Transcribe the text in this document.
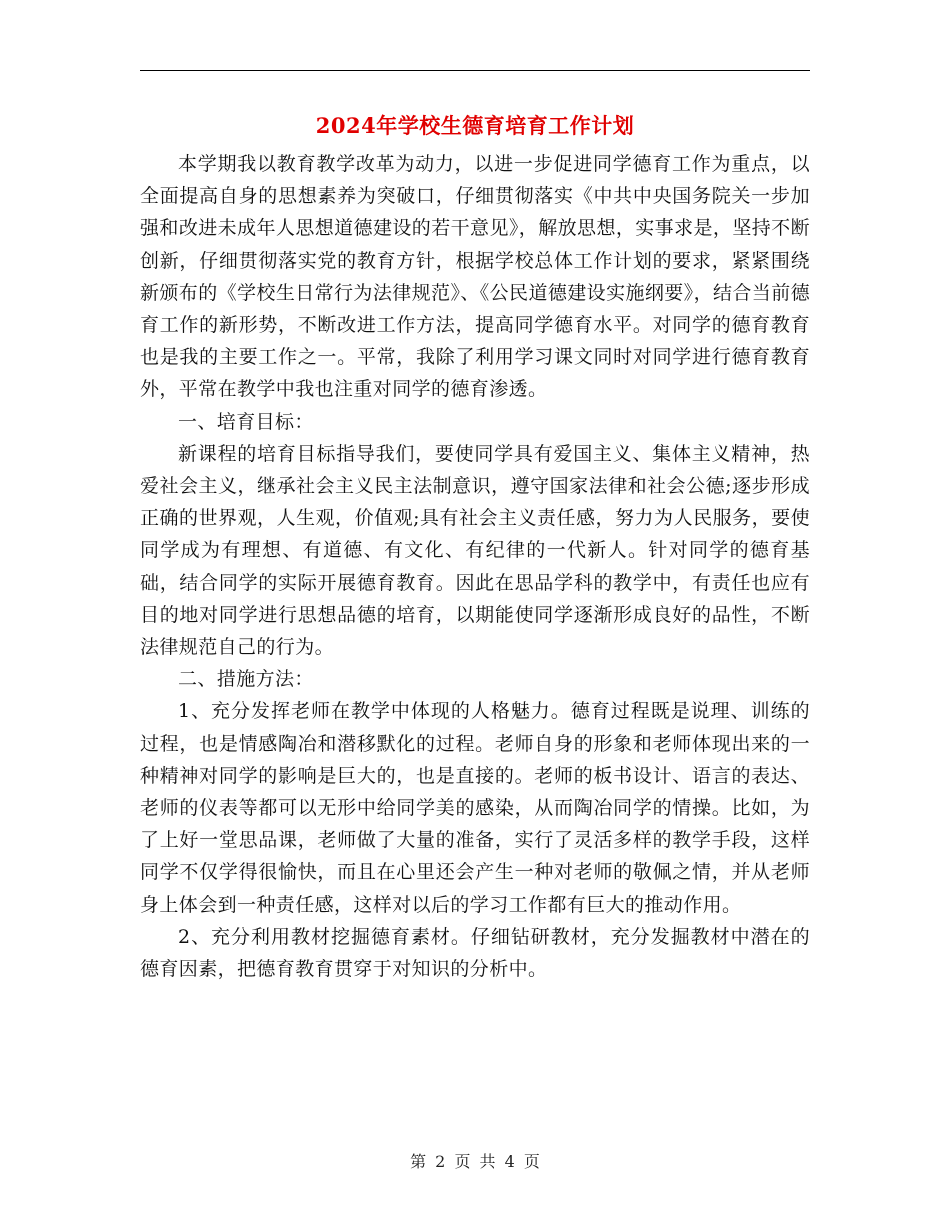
2024年学校生德育培育工作计划

本学期我以教育教学改革为动力，以进一步促进同学德育工作为重点，以全面提高自身的思想素养为突破口，仔细贯彻落实《中共中央国务院关一步加强和改进未成年人思想道德建设的若干意见》，解放思想，实事求是，坚持不断创新，仔细贯彻落实党的教育方针，根据学校总体工作计划的要求，紧紧围绕新颁布的《学校生日常行为法律规范》、《公民道德建设实施纲要》，结合当前德育工作的新形势，不断改进工作方法，提高同学德育水平。对同学的德育教育也是我的主要工作之一。平常，我除了利用学习课文同时对同学进行德育教育外，平常在教学中我也注重对同学的德育渗透。

一、培育目标：

新课程的培育目标指导我们，要使同学具有爱国主义、集体主义精神，热爱社会主义，继承社会主义民主法制意识，遵守国家法律和社会公德;逐步形成正确的世界观，人生观，价值观;具有社会主义责任感，努力为人民服务，要使同学成为有理想、有道德、有文化、有纪律的一代新人。针对同学的德育基础，结合同学的实际开展德育教育。因此在思品学科的教学中，有责任也应有目的地对同学进行思想品德的培育，以期能使同学逐渐形成良好的品性，不断法律规范自己的行为。

二、措施方法：

1、充分发挥老师在教学中体现的人格魅力。德育过程既是说理、训练的过程，也是情感陶冶和潜移默化的过程。老师自身的形象和老师体现出来的一种精神对同学的影响是巨大的，也是直接的。老师的板书设计、语言的表达、老师的仪表等都可以无形中给同学美的感染，从而陶冶同学的情操。比如，为了上好一堂思品课，老师做了大量的准备，实行了灵活多样的教学手段，这样同学不仅学得很愉快，而且在心里还会产生一种对老师的敬佩之情，并从老师身上体会到一种责任感，这样对以后的学习工作都有巨大的推动作用。

2、充分利用教材挖掘德育素材。仔细钻研教材，充分发掘教材中潜在的德育因素，把德育教育贯穿于对知识的分析中。

第 2 页 共 4 页
